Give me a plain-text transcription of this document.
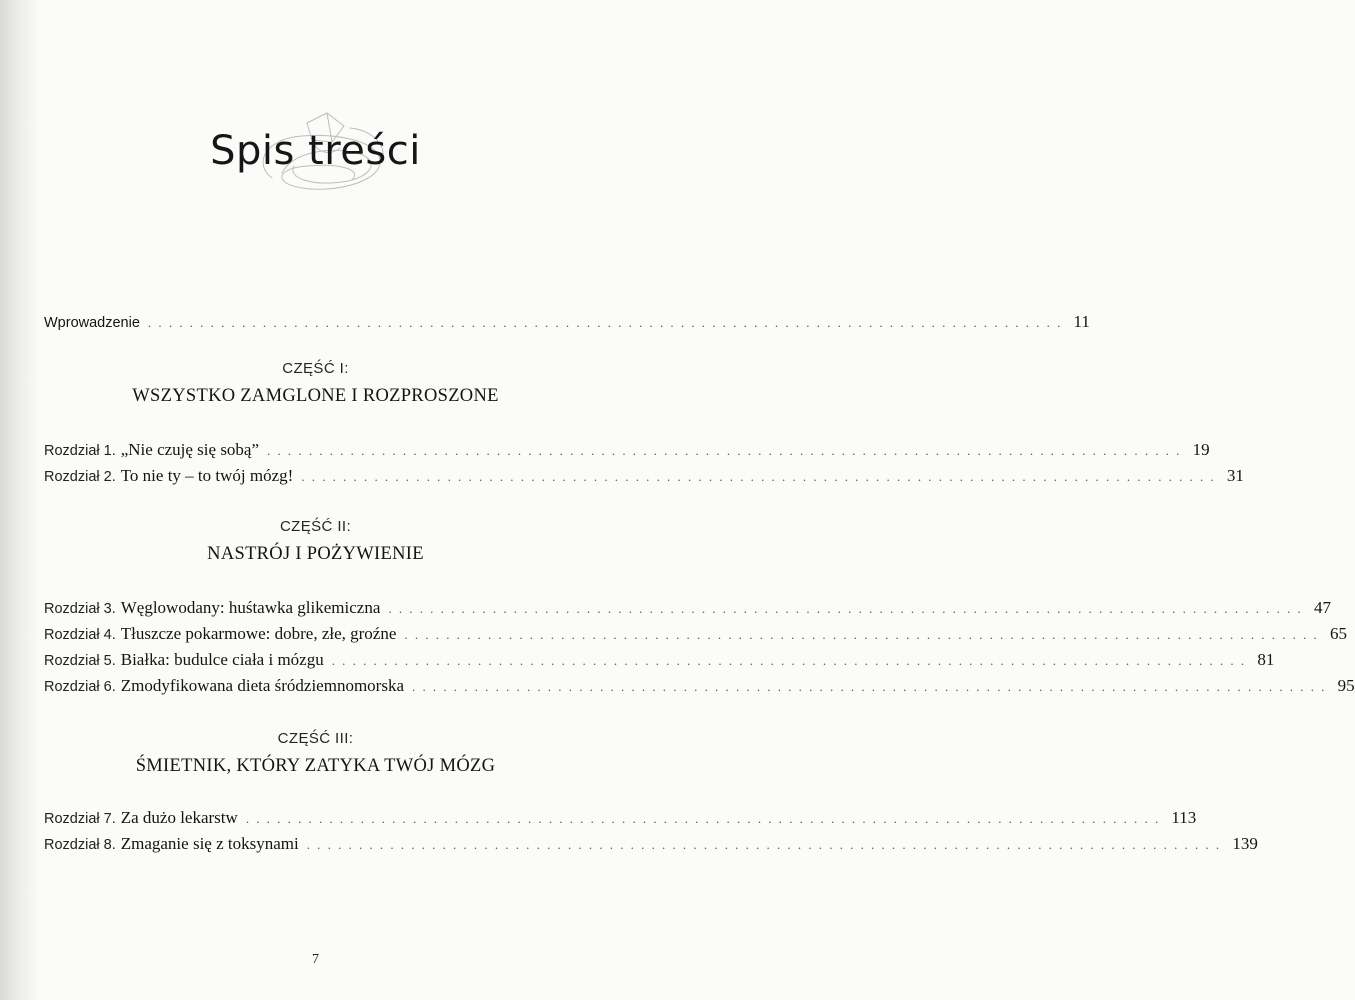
Spis treści
Wprowadzenie ........................................................................................ 11
CZĘŚĆ I:
WSZYSTKO ZAMGLONE I ROZPROSZONE
Rozdział 1. „Nie czuję się sobą” ........................................................................................ 19
Rozdział 2. To nie ty – to twój mózg! ........................................................................................ 31
CZĘŚĆ II:
NASTRÓJ I POŻYWIENIE
Rozdział 3. Węglowodany: huśtawka glikemiczna ........................................................................................ 47
Rozdział 4. Tłuszcze pokarmowe: dobre, złe, groźne ........................................................................................ 65
Rozdział 5. Białka: budulce ciała i mózgu ........................................................................................ 81
Rozdział 6. Zmodyfikowana dieta śródziemnomorska ........................................................................................ 95
CZĘŚĆ III:
ŚMIETNIK, KTÓRY ZATYKA TWÓJ MÓZG
Rozdział 7. Za dużo lekarstw ........................................................................................ 113
Rozdział 8. Zmaganie się z toksynami ........................................................................................ 139
7
